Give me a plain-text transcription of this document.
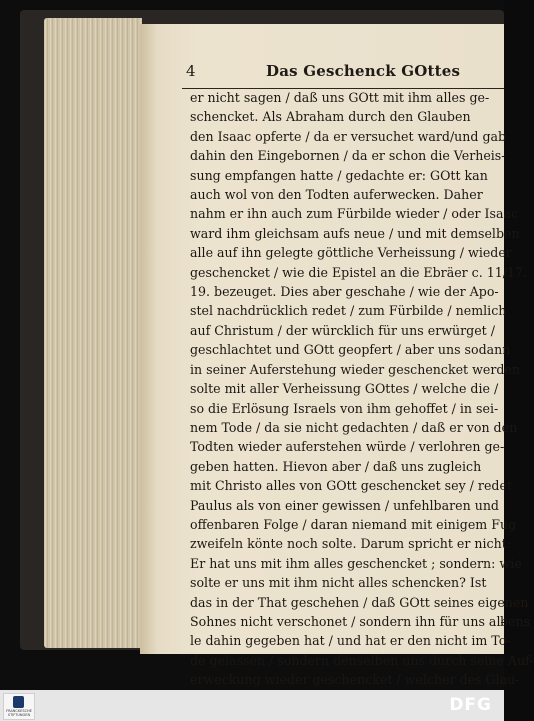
4	Das Geschenck GOttes
er nicht sagen / daß uns GOtt mit ihm alles ge-
schencket. Als Abraham durch den Glauben
den Isaac opferte / da er versuchet ward/und gab
dahin den Eingebornen / da er schon die Verheis-
sung empfangen hatte / gedachte er: GOtt kan
auch wol von den Todten auferwecken. Daher
nahm er ihn auch zum Fürbilde wieder / oder Isaac
ward ihm gleichsam aufs neue / und mit demselben
alle auf ihn gelegte göttliche Verheissung / wieder
geschencket / wie die Epistel an die Ebräer c. 11/17.
19. bezeuget. Dies aber geschahe / wie der Apo-
stel nachdrücklich redet / zum Fürbilde / nemlich
auf Christum / der würcklich für uns erwürget /
geschlachtet und GOtt geopfert / aber uns sodann
in seiner Auferstehung wieder geschencket werden
solte mit aller Verheissung GOttes / welche die /
so die Erlösung Israels von ihm gehoffet / in sei-
nem Tode / da sie nicht gedachten / daß er von den
Todten wieder auferstehen würde / verlohren ge-
geben hatten. Hievon aber / daß uns zugleich
mit Christo alles von GOtt geschencket sey / redet
Paulus als von einer gewissen / unfehlbaren und
offenbaren Folge / daran niemand mit einigem Fug
zweifeln könte noch solte. Darum spricht er nicht:
Er hat uns mit ihm alles geschencket ; sondern: wie
solte er uns mit ihm nicht alles schencken? Ist
das in der That geschehen / daß GOtt seines eigenen
Sohnes nicht verschonet / sondern ihn für uns al-
le dahin gegeben hat / und hat er den nicht im To-
de gelassen / sondern denselben uns durch seine Auf-
erweckung wieder geschencket / welcher des Glau-
bens
FRANCKESCHE STIFTUNGEN	DFG
